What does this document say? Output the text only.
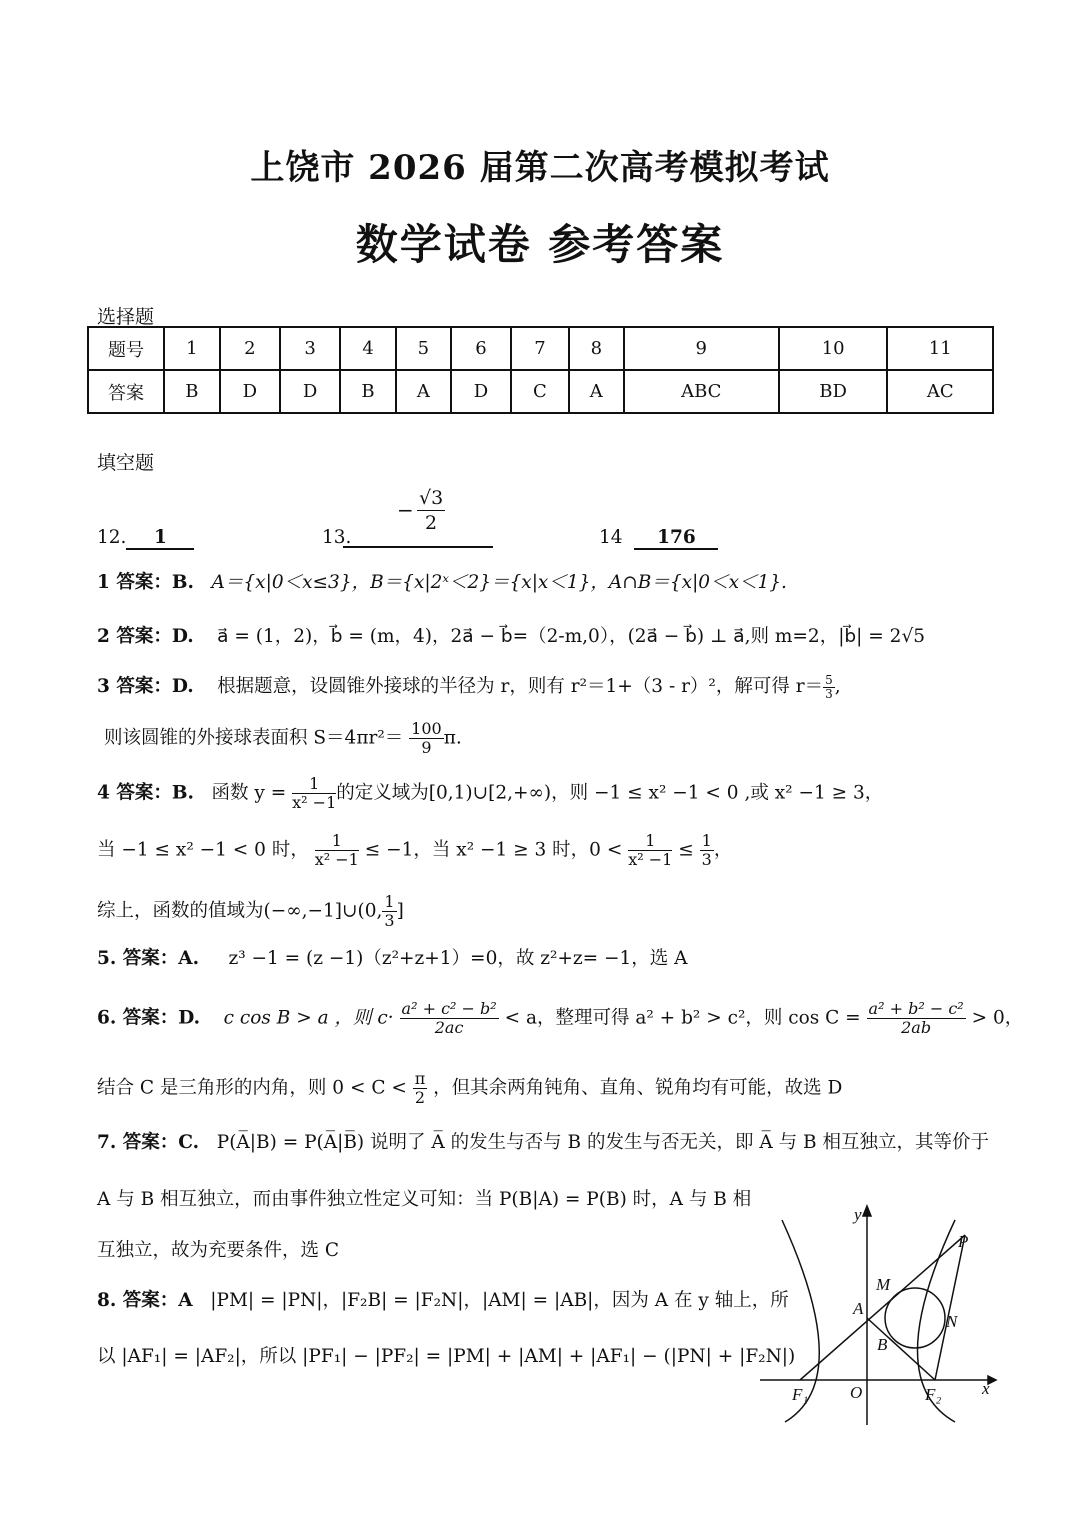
上饶市 2026 届第二次高考模拟考试
数学试卷 参考答案
选择题
题号	1	2	3	4	5	6	7	8	9	10	11
答案	B	D	D	B	A	D	C	A	ABC	BD	AC
填空题
12. 1	13.
− $\frac{√3}{2}$
14 176
1 答案：B. A＝{x|0＜x≤3}，B＝{x|2ˣ＜2}＝{x|x＜1}，A∩B＝{x|0＜x＜1}.
2 答案：D. a⃗ = (1，2)，b⃗ = (m，4)，2a⃗ − b⃗=（2-m,0），(2a⃗ − b⃗) ⊥ a⃗,则 m=2，|b⃗| = 2√5
3 答案：D. 根据题意，设圆锥外接球的半径为 r，则有 r²＝1+（3 - r）²，解可得 $r= \frac{5}{3}$ ,
则该圆锥的外接球表面积 $S=4\pi r^2= \frac{100}{9} \pi$.
4 答案：B. 函数 $y = \frac{1}{\text{x² −1}}$ 的定义域为[0,1)∪[2,+∞)，则 −1 ≤ x² −1 < 0 ,或 x² −1 ≥ 3，
当 −1 ≤ x² −1 < 0 时， $\frac{1}{\text{x² −1}} \le -1$，当 x² −1 ≥ 3 时，$0 < \frac{1}{\text{x² −1}} \le \frac{1}{3}$ ，
综上，函数的值域为(−∞,−1]∪(0, $\frac{1}{3}$ ]
5. 答案：A. z³ −1 = (z −1)（z²+z+1）=0，故 z²+z= −1，选 A
6. 答案：D. c cos B > a ，则 $c\cdot \frac{\text{a² + c² − b²}}{2ac} < a$，整理可得 a² + b² > c²，则 $\cos C = \frac{\text{a² + b² − c²}}{2ab} > 0$，
结合 C 是三角形的内角，则 $0 < C < \frac{\pi}{2}$ ，但其余两角钝角、直角、锐角均有可能，故选 D
7. 答案：C. P(A̅|B) = P(A̅|B̅) 说明了 A̅ 的发生与否与 B 的发生与否无关，即 A̅ 与 B 相互独立，其等价于
A 与 B 相互独立，而由事件独立性定义可知：当 P(B|A) = P(B) 时，A 与 B 相
互独立，故为充要条件，选 C
8. 答案：A |PM| = |PN|，|F₂B| = |F₂N|，|AM| = |AB|，因为 A 在 y 轴上，所
以 |AF₁| = |AF₂|，所以 |PF₁| − |PF₂| = |PM| + |AM| + |AF₁| − (|PN| + |F₂N|)
y
x
P
M
N
A
B
F₁ O	F₂
